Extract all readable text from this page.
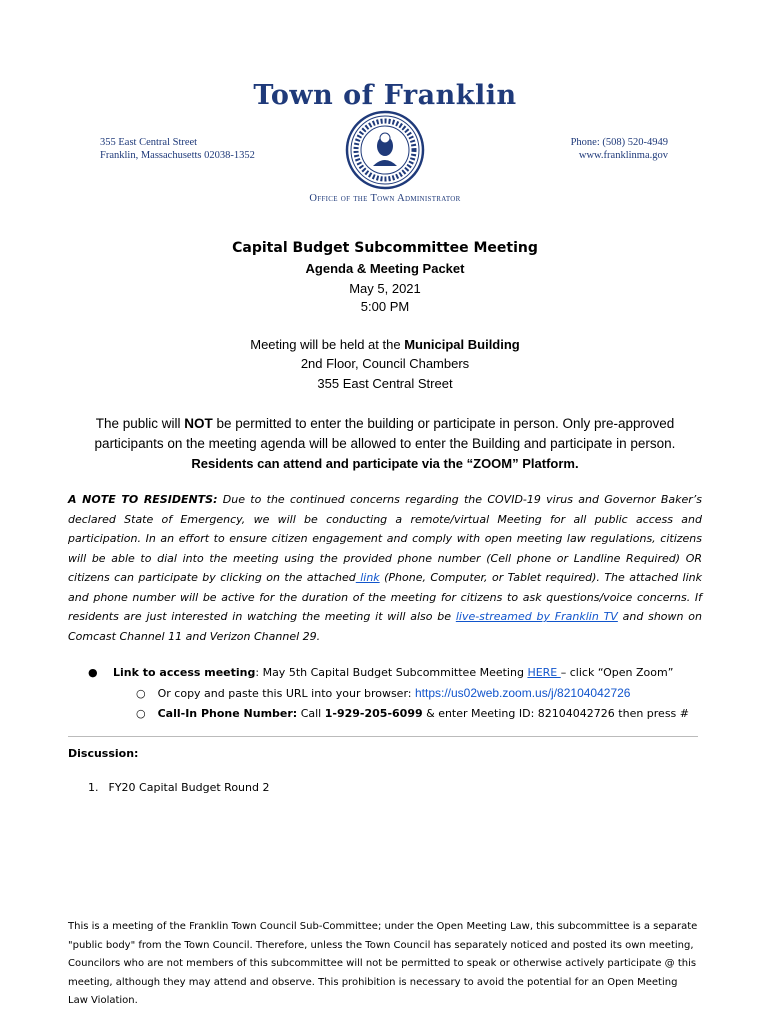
Town of Franklin
355 East Central Street
Franklin, Massachusetts 02038-1352
Phone: (508) 520-4949
www.franklinma.gov
Office of the Town Administrator
Capital Budget Subcommittee Meeting
Agenda & Meeting Packet
May 5, 2021
5:00 PM
Meeting will be held at the Municipal Building
2nd Floor, Council Chambers
355 East Central Street
The public will NOT be permitted to enter the building or participate in person. Only pre-approved participants on the meeting agenda will be allowed to enter the Building and participate in person.
Residents can attend and participate via the “ZOOM” Platform.
A NOTE TO RESIDENTS: Due to the continued concerns regarding the COVID-19 virus and Governor Baker’s declared State of Emergency, we will be conducting a remote/virtual Meeting for all public access and participation. In an effort to ensure citizen engagement and comply with open meeting law regulations, citizens will be able to dial into the meeting using the provided phone number (Cell phone or Landline Required) OR citizens can participate by clicking on the attached link (Phone, Computer, or Tablet required). The attached link and phone number will be active for the duration of the meeting for citizens to ask questions/voice concerns. If residents are just interested in watching the meeting it will also be live-streamed by Franklin TV and shown on Comcast Channel 11 and Verizon Channel 29.
● Link to access meeting: May 5th Capital Budget Subcommittee Meeting HERE – click “Open Zoom”
○ Or copy and paste this URL into your browser: https://us02web.zoom.us/j/82104042726
○ Call-In Phone Number: Call 1-929-205-6099 & enter Meeting ID: 82104042726 then press #
Discussion:
1. FY20 Capital Budget Round 2
This is a meeting of the Franklin Town Council Sub-Committee; under the Open Meeting Law, this subcommittee is a separate "public body" from the Town Council. Therefore, unless the Town Council has separately noticed and posted its own meeting, Councilors who are not members of this subcommittee will not be permitted to speak or otherwise actively participate @ this meeting, although they may attend and observe. This prohibition is necessary to avoid the potential for an Open Meeting Law Violation.
